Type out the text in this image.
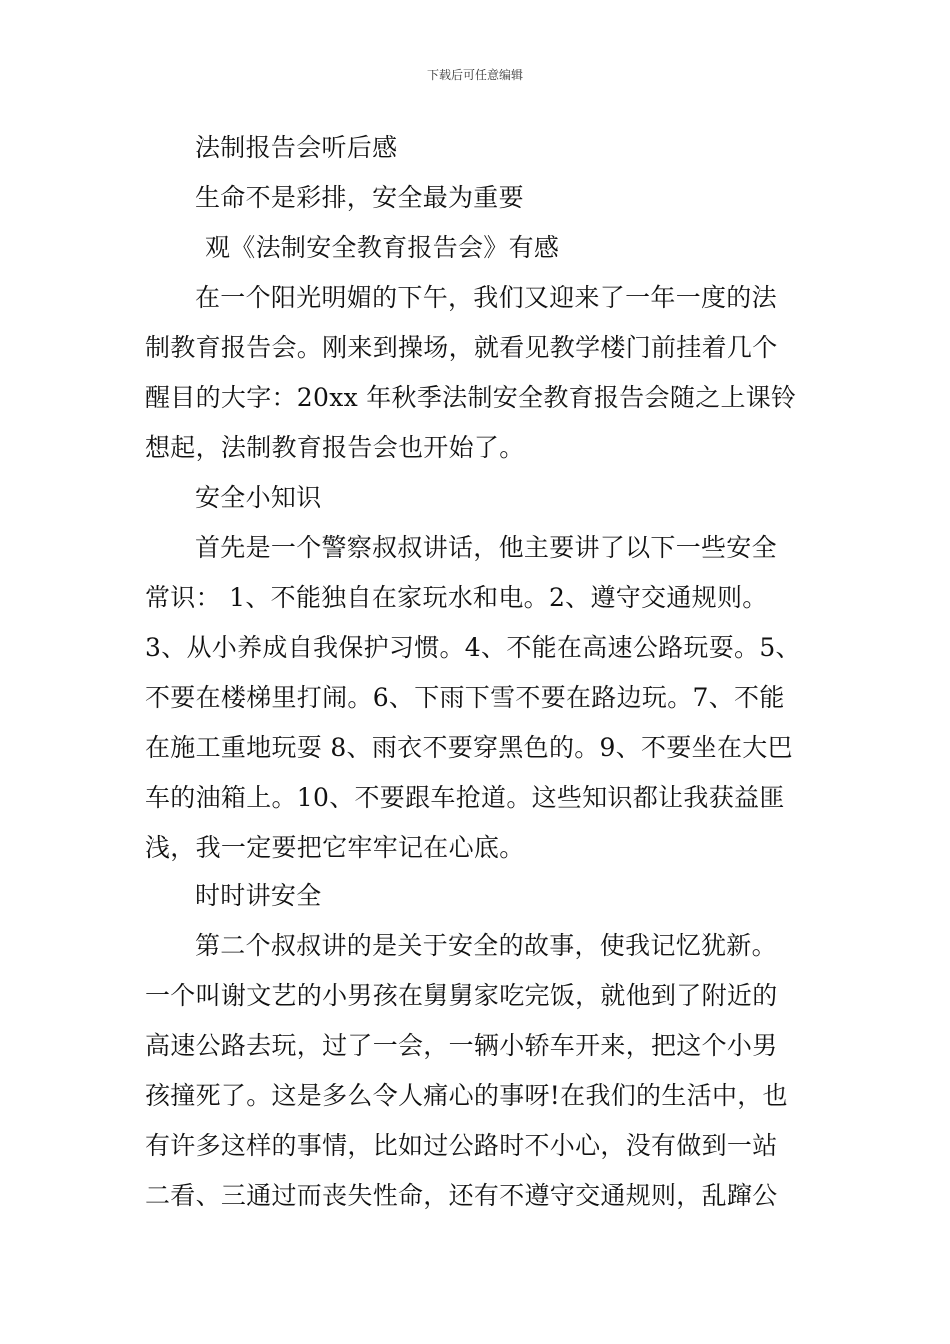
下载后可任意编辑
法制报告会听后感
生命不是彩排，安全最为重要
观《法制安全教育报告会》有感
在一个阳光明媚的下午，我们又迎来了一年一度的法
制教育报告会。刚来到操场，就看见教学楼门前挂着几个
醒目的大字：20xx 年秋季法制安全教育报告会随之上课铃
想起，法制教育报告会也开始了。
安全小知识
首先是一个警察叔叔讲话，他主要讲了以下一些安全
常识： 1、不能独自在家玩水和电。2、遵守交通规则。
3、从小养成自我保护习惯。4、不能在高速公路玩耍。5、
不要在楼梯里打闹。6、下雨下雪不要在路边玩。7、不能
在施工重地玩耍 8、雨衣不要穿黑色的。9、不要坐在大巴
车的油箱上。10、不要跟车抢道。这些知识都让我获益匪
浅，我一定要把它牢牢记在心底。
时时讲安全
第二个叔叔讲的是关于安全的故事，使我记忆犹新。
一个叫谢文艺的小男孩在舅舅家吃完饭，就他到了附近的
高速公路去玩，过了一会，一辆小轿车开来，把这个小男
孩撞死了。这是多么令人痛心的事呀!在我们的生活中，也
有许多这样的事情，比如过公路时不小心，没有做到一站
二看、三通过而丧失性命，还有不遵守交通规则，乱蹿公
